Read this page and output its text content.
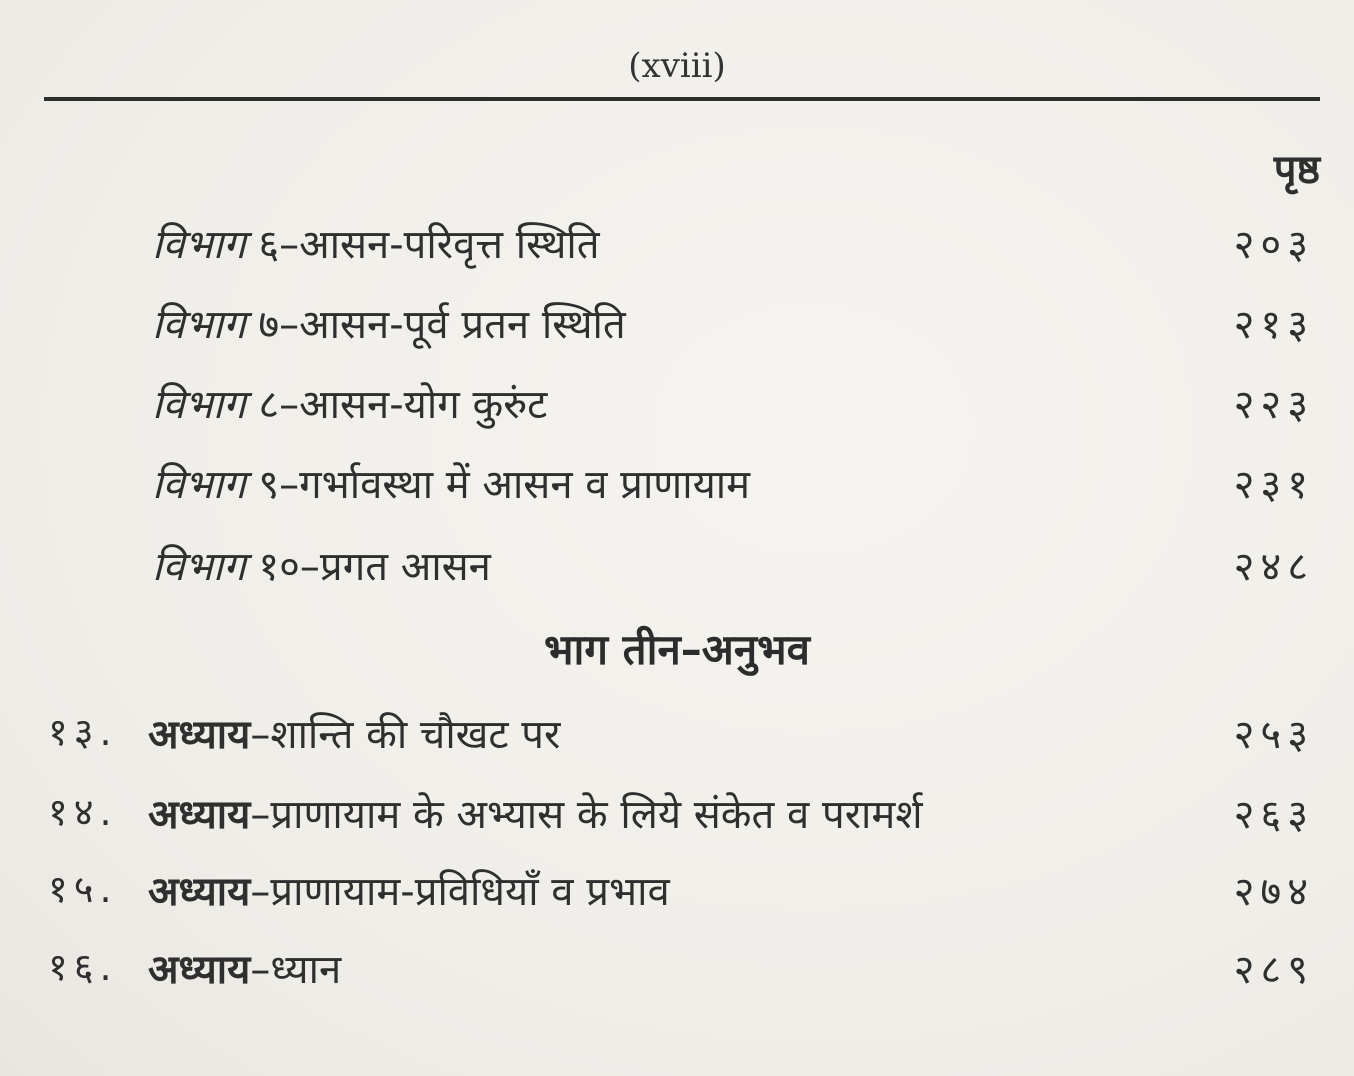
(xviii)
पृष्ठ
विभाग ६–आसन-परिवृत्त स्थिति	२०३
विभाग ७–आसन-पूर्व प्रतन स्थिति	२१३
विभाग ८–आसन-योग कुरुंट	२२३
विभाग ९–गर्भावस्था में आसन व प्राणायाम	२३१
विभाग १०–प्रगत आसन	२४८
भाग तीन–अनुभव
१३. अध्याय–शान्ति की चौखट पर	२५३
१४. अध्याय–प्राणायाम के अभ्यास के लिये संकेत व परामर्श	२६३
१५. अध्याय–प्राणायाम-प्रविधियाँ व प्रभाव	२७४
१६. अध्याय–ध्यान	२८९
